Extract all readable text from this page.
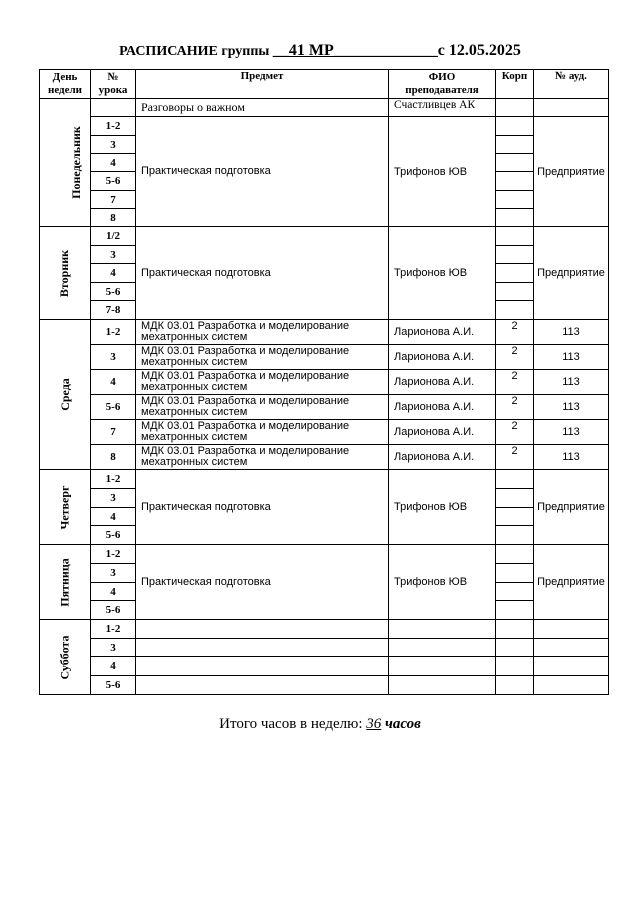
РАСПИСАНИЕ группы __41 МР_____________с 12.05.2025
День
недели	№
урока	Предмет	ФИО
преподавателя	Корп	№ ауд.
Понедельник		Разговоры о важном	Счастливцев АК		
	1-2	Практическая подготовка	Трифонов ЮВ		Предприятие
	3				
	4				
	5-6				
	7				
	8				
Вторник	1/2	Практическая подготовка	Трифонов ЮВ		Предприятие
	3				
	4				
	5-6				
	7-8				
Среда	1-2	МДК 03.01 Разработка и моделирование мехатронных систем	Ларионова А.И.	2	113
	3	МДК 03.01 Разработка и моделирование мехатронных систем	Ларионова А.И.	2	113
	4	МДК 03.01 Разработка и моделирование мехатронных систем	Ларионова А.И.	2	113
	5-6	МДК 03.01 Разработка и моделирование мехатронных систем	Ларионова А.И.	2	113
	7	МДК 03.01 Разработка и моделирование мехатронных систем	Ларионова А.И.	2	113
	8	МДК 03.01 Разработка и моделирование мехатронных систем	Ларионова А.И.	2	113
Четверг	1-2	Практическая подготовка	Трифонов ЮВ		Предприятие
	3				
	4				
	5-6				
Пятница	1-2	Практическая подготовка	Трифонов ЮВ		Предприятие
	3				
	4				
	5-6				
Суббота	1-2				
	3				
	4				
	5-6				
Итого часов в неделю: 36 часов
